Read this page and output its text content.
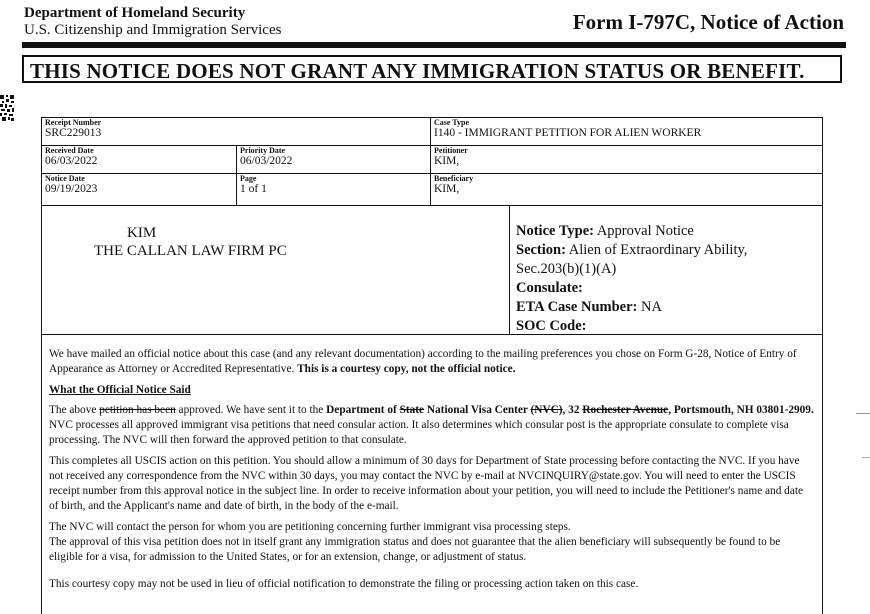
Department of Homeland Security
U.S. Citizenship and Immigration Services	Form I-797C, Notice of Action
THIS NOTICE DOES NOT GRANT ANY IMMIGRATION STATUS OR BENEFIT.
Receipt Number
SRC229013
Case Type
I140 - IMMIGRANT PETITION FOR ALIEN WORKER
Received Date
06/03/2022
Priority Date
06/03/2022
Petitioner
KIM,
Notice Date
09/19/2023
Page
1 of 1
Beneficiary
KIM,
KIM
THE CALLAN LAW FIRM PC
Notice Type: Approval Notice
Section: Alien of Extraordinary Ability,
Sec.203(b)(1)(A)
Consulate:
ETA Case Number: NA
SOC Code:

We have mailed an official notice about this case (and any relevant documentation) according to the mailing preferences you chose on Form G-28, Notice of Entry of Appearance as Attorney or Accredited Representative. This is a courtesy copy, not the official notice.

What the Official Notice Said

The above petition has been approved. We have sent it to the Department of State National Visa Center (NVC), 32 Rochester Avenue, Portsmouth, NH 03801-2909. NVC processes all approved immigrant visa petitions that need consular action. It also determines which consular post is the appropriate consulate to complete visa processing. The NVC will then forward the approved petition to that consulate.

This completes all USCIS action on this petition. You should allow a minimum of 30 days for Department of State processing before contacting the NVC. If you have not received any correspondence from the NVC within 30 days, you may contact the NVC by e-mail at NVCINQUIRY@state.gov. You will need to enter the USCIS receipt number from this approval notice in the subject line. In order to receive information about your petition, you will need to include the Petitioner's name and date of birth, and the Applicant's name and date of birth, in the body of the e-mail.

The NVC will contact the person for whom you are petitioning concerning further immigrant visa processing steps.

The approval of this visa petition does not in itself grant any immigration status and does not guarantee that the alien beneficiary will subsequently be found to be eligible for a visa, for admission to the United States, or for an extension, change, or adjustment of status.

This courtesy copy may not be used in lieu of official notification to demonstrate the filing or processing action taken on this case.
